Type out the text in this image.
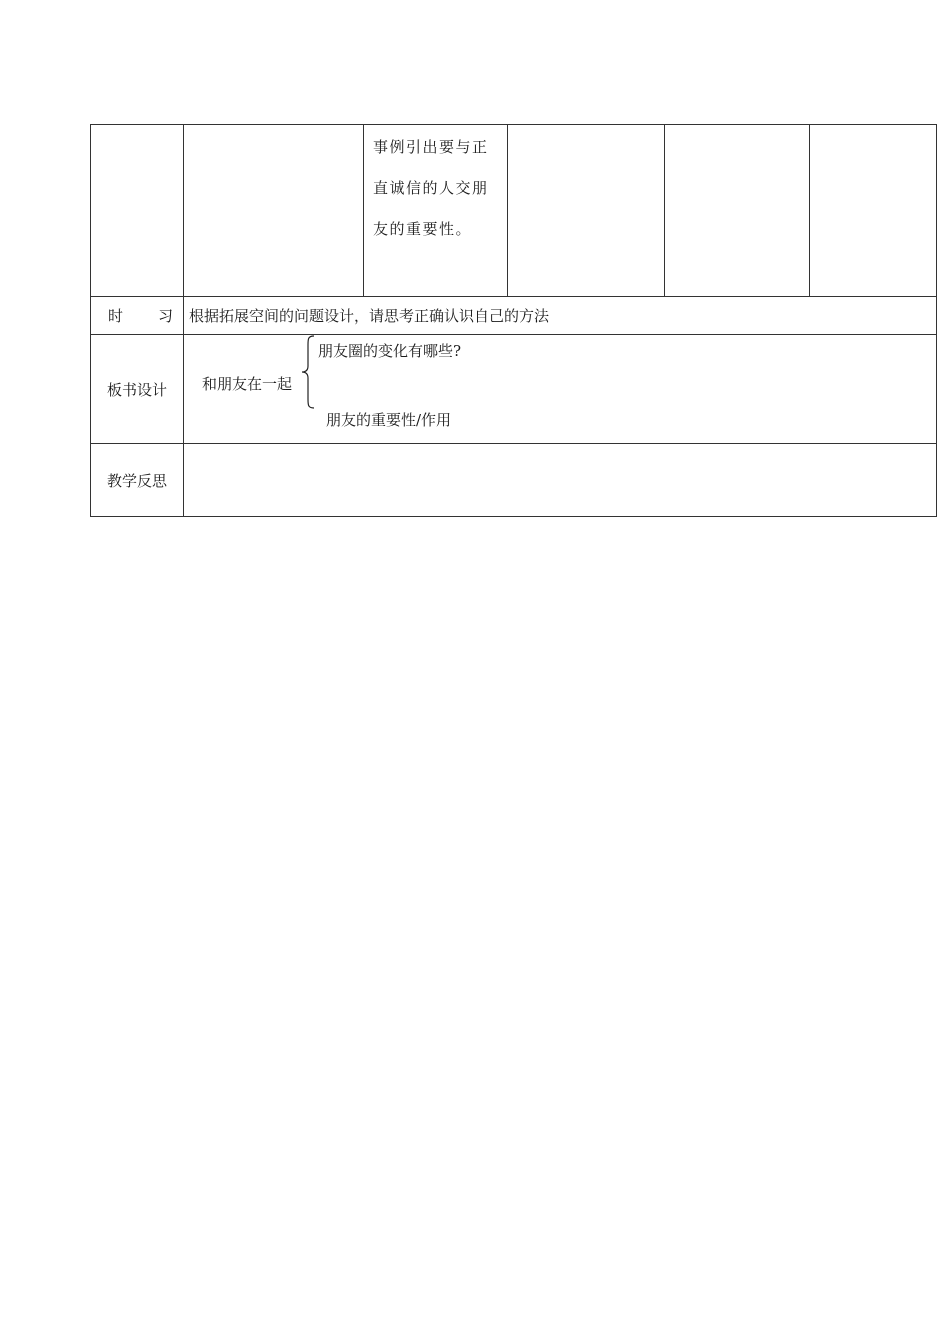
		事例引出要与正
直诚信的人交朋
友的重要性。			

时 习	根据拓展空间的问题设计，请思考正确认识自己的方法				

板书设计	和朋友在一起
朋友圈的变化有哪些?
朋友的重要性/作用				

教学反思					
